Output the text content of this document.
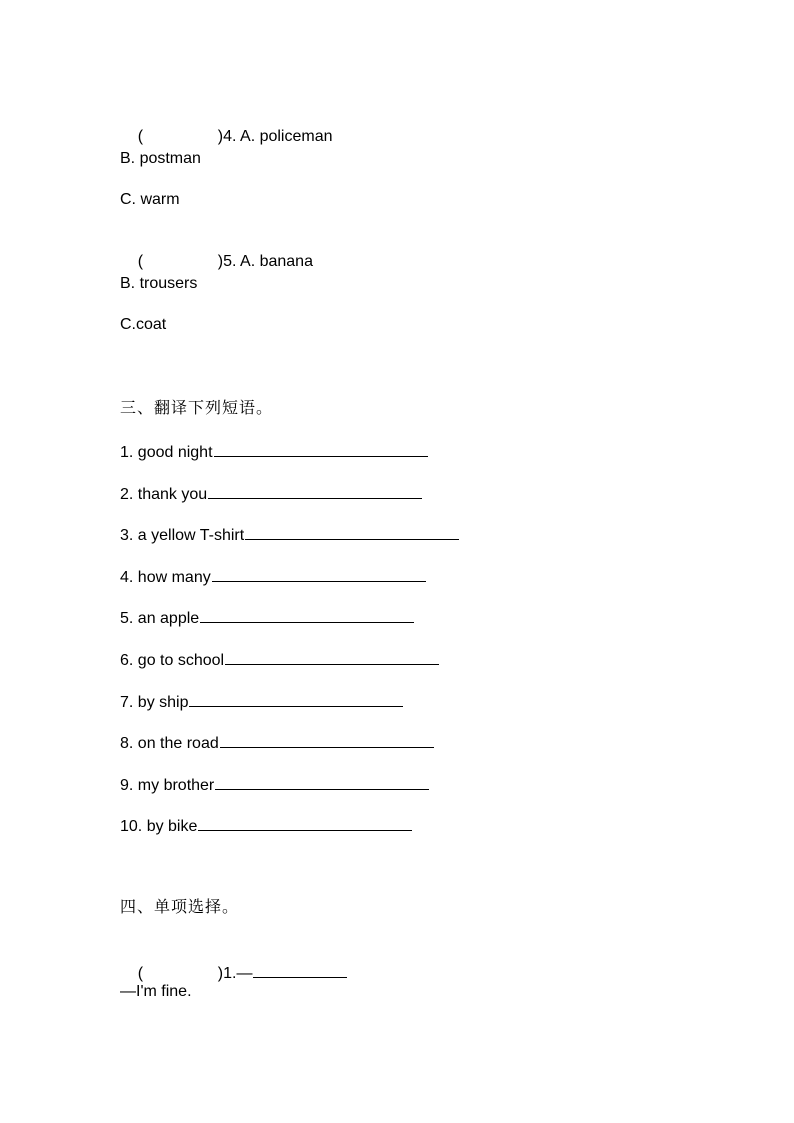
(	)4. A. policeman

B. postman
C. warm

(	)5. A. banana

B. trousers
C.coat
三、翻译下列短语。
1. good night
2. thank you
3. a yellow T-shirt
4. how many
5. an apple
6. go to school
7. by ship
8. on the road
9. my brother
10. by bike
四、单项选择。

(	)1.—

—I'm fine.
